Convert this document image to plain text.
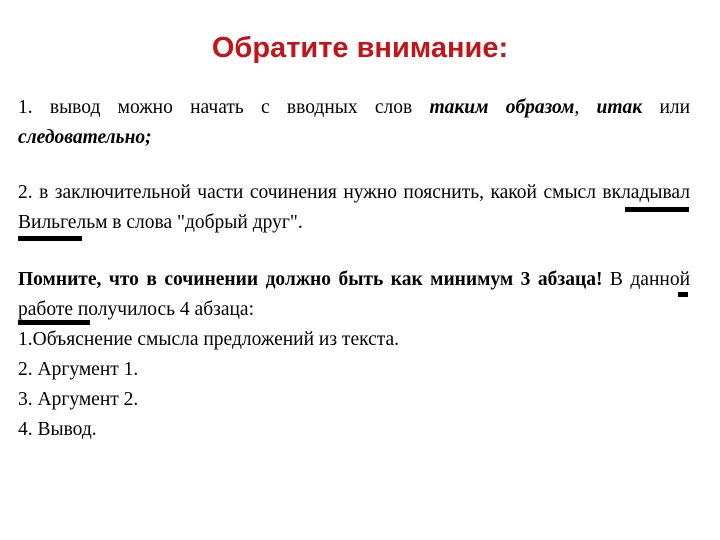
Обратите внимание:

1. вывод можно начать с вводных слов таким образом, итак или следовательно;

2. в заключительной части сочинения нужно пояснить, какой смысл вкладывал Вильгельм в слова "добрый друг".

Помните, что в сочинении должно быть как минимум 3 абзаца! В данной работе получилось 4 абзаца:
1.Объяснение смысла предложений из текста.
2. Аргумент 1.
3. Аргумент 2.
4. Вывод.
